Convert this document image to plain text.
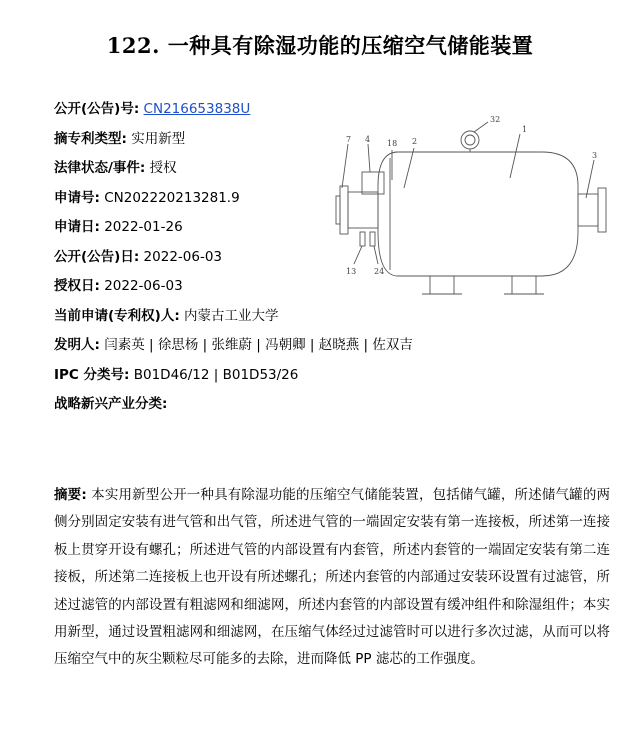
122. 一种具有除湿功能的压缩空气储能装置
公开(公告)号: CN216653838U
摘专利类型: 实用新型
法律状态/事件: 授权
申请号: CN202220213281.9
申请日: 2022-01-26
公开(公告)日: 2022-06-03
授权日: 2022-06-03
当前申请(专利权)人: 内蒙古工业大学
发明人: 闫素英 | 徐思杨 | 张维蔚 | 冯朝卿 | 赵晓燕 | 佐双吉
IPC 分类号: B01D46/12 | B01D53/26
战略新兴产业分类:
7 4 18 2
32
1
3
13 24
摘要: 本实用新型公开一种具有除湿功能的压缩空气储能装置，包括储气罐，所述储气罐的两侧分别固定安装有进气管和出气管，所述进气管的一端固定安装有第一连接板，所述第一连接板上贯穿开设有螺孔；所述进气管的内部设置有内套管，所述内套管的一端固定安装有第二连接板，所述第二连接板上也开设有所述螺孔；所述内套管的内部通过安装环设置有过滤管，所述过滤管的内部设置有粗滤网和细滤网，所述内套管的内部设置有缓冲组件和除湿组件；本实用新型，通过设置粗滤网和细滤网，在压缩气体经过过滤管时可以进行多次过滤，从而可以将压缩空气中的灰尘颗粒尽可能多的去除，进而降低 PP 滤芯的工作强度。
